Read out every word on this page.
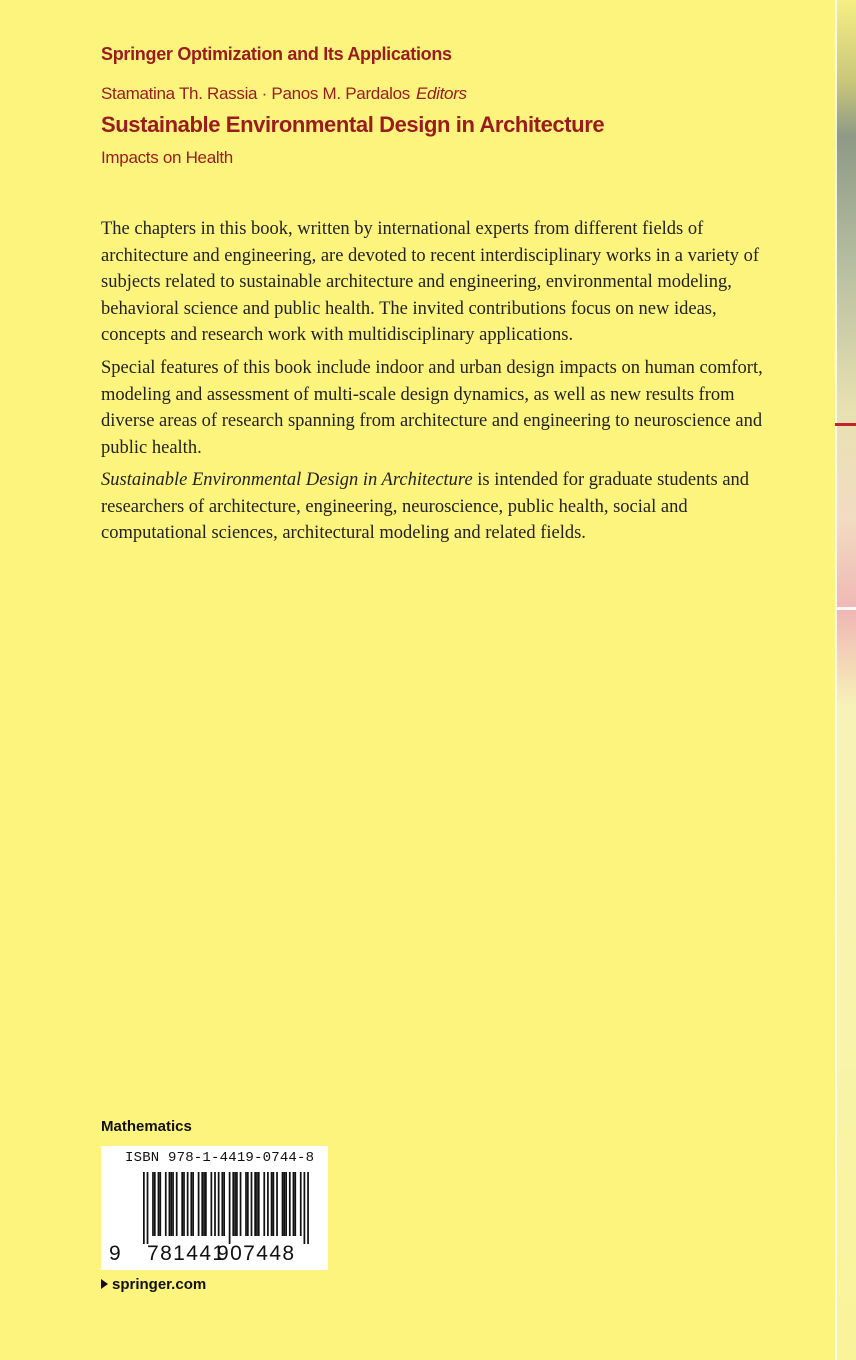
Springer Optimization and Its Applications
Stamatina Th. Rassia · Panos M. Pardalos Editors
Sustainable Environmental Design in Architecture
Impacts on Health

The chapters in this book, written by international experts from different fields of architecture and engineering, are devoted to recent interdisciplinary works in a variety of subjects related to sustainable architecture and engineering, environmental modeling, behavioral science and public health. The invited contributions focus on new ideas, concepts and research work with multidisciplinary applications.

Special features of this book include indoor and urban design impacts on human comfort, modeling and assessment of multi-scale design dynamics, as well as new results from diverse areas of research spanning from architecture and engineering to neuroscience and public health.

Sustainable Environmental Design in Architecture is intended for graduate students and researchers of architecture, engineering, neuroscience, public health, social and computational sciences, architectural modeling and related fields.

Mathematics
ISBN 978-1-4419-0744-8
9 781441
907448
springer.com
